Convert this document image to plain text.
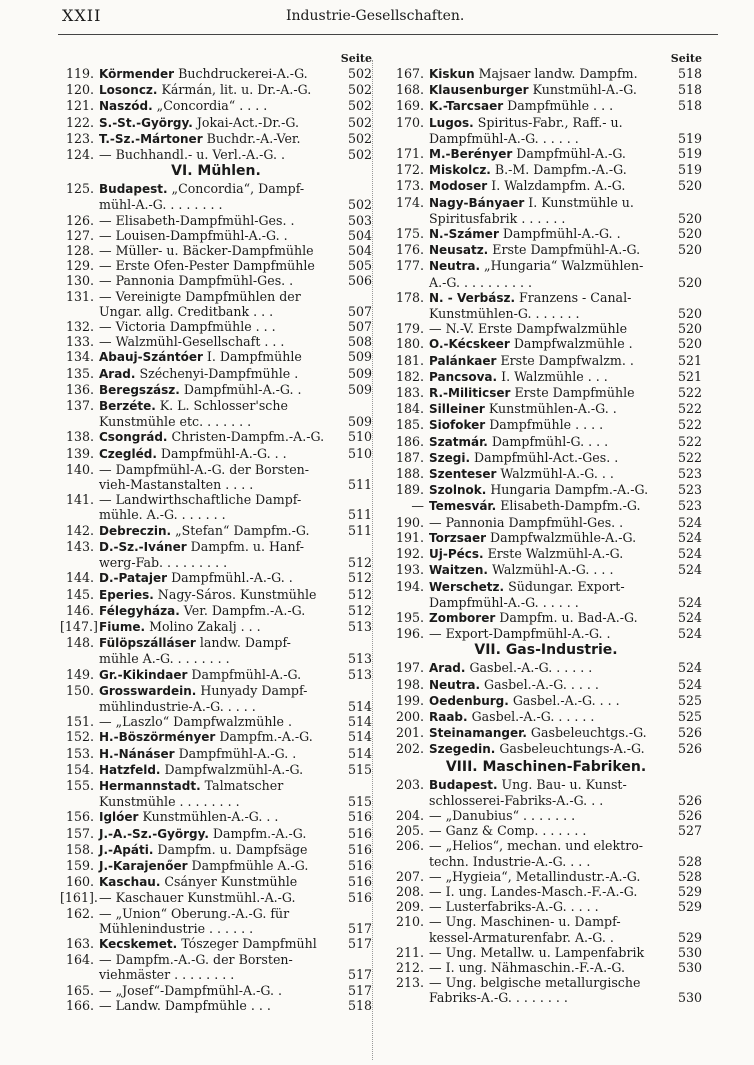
XXII	Industrie-Gesellschaften.
Seite
119. Körmender Buchdruckerei-A.-G.	502
120. Losoncz. Kármán, lit. u. Dr.-A.-G.	502
121. Naszód. „Concordia“ . . . .	502
122. S.-St.-György. Jokai-Act.-Dr.-G.	502
123. T.-Sz.-Mártoner Buchdr.-A.-Ver.	502
124. — Buchhandl.- u. Verl.-A.-G. .	502
VI. Mühlen.
125. Budapest. „Concordia“, Dampf-
mühl-A.-G. . . . . . . .	502
126. — Elisabeth-Dampfmühl-Ges. .	503
127. — Louisen-Dampfmühl-A.-G. .	504
128. — Müller- u. Bäcker-Dampfmühle	504
129. — Erste Ofen-Pester Dampfmühle	505
130. — Pannonia Dampfmühl-Ges. .	506
131. — Vereinigte Dampfmühlen der
Ungar. allg. Creditbank . . .	507
132. — Victoria Dampfmühle . . .	507
133. — Walzmühl-Gesellschaft . . .	508
134. Abauj-Szántóer I. Dampfmühle	509
135. Arad. Széchenyi-Dampfmühle .	509
136. Beregszász. Dampfmühl-A.-G. .	509
137. Berzéte. K. L. Schlosser'sche
Kunstmühle etc. . . . . . .	509
138. Csongrád. Christen-Dampfm.-A.-G.	510
139. Czegléd. Dampfmühl-A.-G. . .	510
140. — Dampfmühl-A.-G. der Borsten-
vieh-Mastanstalten . . . .	511
141. — Landwirthschaftliche Dampf-
mühle. A.-G. . . . . . .	511
142. Debreczin. „Stefan“ Dampfm.-G.	511
143. D.-Sz.-Iváner Dampfm. u. Hanf-
werg-Fab. . . . . . . . .	512
144. D.-Patajer Dampfmühl.-A.-G. .	512
145. Eperies. Nagy-Sáros. Kunstmühle	512
146. Félegyháza. Ver. Dampfm.-A.-G.	512
[147.] Fiume. Molino Zakalj . . .	513
148. Fülöpszálláser landw. Dampf-
mühle A.-G. . . . . . . .	513
149. Gr.-Kikindaer Dampfmühl-A.-G.	513
150. Grosswardein. Hunyady Dampf-
mühlindustrie-A.-G. . . . .	514
151. — „Laszlo“ Dampfwalzmühle .	514
152. H.-Böszörményer Dampfm.-A.-G.	514
153. H.-Nánáser Dampfmühl-A.-G. .	514
154. Hatzfeld. Dampfwalzmühl-A.-G.	515
155. Hermannstadt. Talmatscher
Kunstmühle . . . . . . . .	515
156. Iglóer Kunstmühlen-A.-G. . .	516
157. J.-A.-Sz.-György. Dampfm.-A.-G.	516
158. J.-Apáti. Dampfm. u. Dampfsäge	516
159. J.-Karajenőer Dampfmühle A.-G.	516
160. Kaschau. Csányer Kunstmühle	516
[161]. — Kaschauer Kunstmühl.-A.-G.	516
162. — „Union“ Oberung.-A.-G. für
Mühlenindustrie . . . . . .	517
163. Kecskemet. Tószeger Dampfmühl	517
164. — Dampfm.-A.-G. der Borsten-
viehmäster . . . . . . . .	517
165. — „Josef“-Dampfmühl-A.-G. .	517
166. — Landw. Dampfmühle . . .	518
Seite
167. Kiskun Majsaer landw. Dampfm.	518
168. Klausenburger Kunstmühl-A.-G.	518
169. K.-Tarcsaer Dampfmühle . . .	518
170. Lugos. Spiritus-Fabr., Raff.- u.
Dampfmühl-A.-G. . . . . .	519
171. M.-Berényer Dampfmühl-A.-G.	519
172. Miskolcz. B.-M. Dampfm.-A.-G.	519
173. Modoser I. Walzdampfm. A.-G.	520
174. Nagy-Bányaer I. Kunstmühle u.
Spiritusfabrik . . . . . .	520
175. N.-Számer Dampfmühl-A.-G. .	520
176. Neusatz. Erste Dampfmühl-A.-G.	520
177. Neutra. „Hungaria“ Walzmühlen-
A.-G. . . . . . . . . .	520
178. N. - Verbász. Franzens - Canal-
Kunstmühlen-G. . . . . . .	520
179. — N.-V. Erste Dampfwalzmühle	520
180. O.-Kécskeer Dampfwalzmühle .	520
181. Palánkaer Erste Dampfwalzm. .	521
182. Pancsova. I. Walzmühle . . .	521
183. R.-Militicser Erste Dampfmühle	522
184. Silleiner Kunstmühlen-A.-G. .	522
185. Siofoker Dampfmühle . . . .	522
186. Szatmár. Dampfmühl-G. . . .	522
187. Szegi. Dampfmühl-Act.-Ges. .	522
188. Szenteser Walzmühl-A.-G. . .	523
189. Szolnok. Hungaria Dampfm.-A.-G.	523
— Temesvár. Elisabeth-Dampfm.-G.	523
190. — Pannonia Dampfmühl-Ges. .	524
191. Torzsaer Dampfwalzmühle-A.-G.	524
192. Uj-Pécs. Erste Walzmühl-A.-G.	524
193. Waitzen. Walzmühl-A.-G. . . .	524
194. Werschetz. Südungar. Export-
Dampfmühl-A.-G. . . . . .	524
195. Zomborer Dampfm. u. Bad-A.-G.	524
196. — Export-Dampfmühl-A.-G. .	524
VII. Gas-Industrie.
197. Arad. Gasbel.-A.-G. . . . . .	524
198. Neutra. Gasbel.-A.-G. . . . .	524
199. Oedenburg. Gasbel.-A.-G. . . .	525
200. Raab. Gasbel.-A.-G. . . . . .	525
201. Steinamanger. Gasbeleuchtgs.-G.	526
202. Szegedin. Gasbeleuchtungs-A.-G.	526
VIII. Maschinen-Fabriken.
203. Budapest. Ung. Bau- u. Kunst-
schlosserei-Fabriks-A.-G. . .	526
204. — „Danubius“ . . . . . . .	526
205. — Ganz & Comp. . . . . . .	527
206. — „Helios“, mechan. und elektro-
techn. Industrie-A.-G. . . .	528
207. — „Hygieia“, Metallindustr.-A.-G.	528
208. — I. ung. Landes-Masch.-F.-A.-G.	529
209. — Lusterfabriks-A.-G. . . . .	529
210. — Ung. Maschinen- u. Dampf-
kessel-Armaturenfabr. A.-G. .	529
211. — Ung. Metallw. u. Lampenfabrik	530
212. — I. ung. Nähmaschin.-F.-A.-G.	530
213. — Ung. belgische metallurgische
Fabriks-A.-G. . . . . . . .	530
